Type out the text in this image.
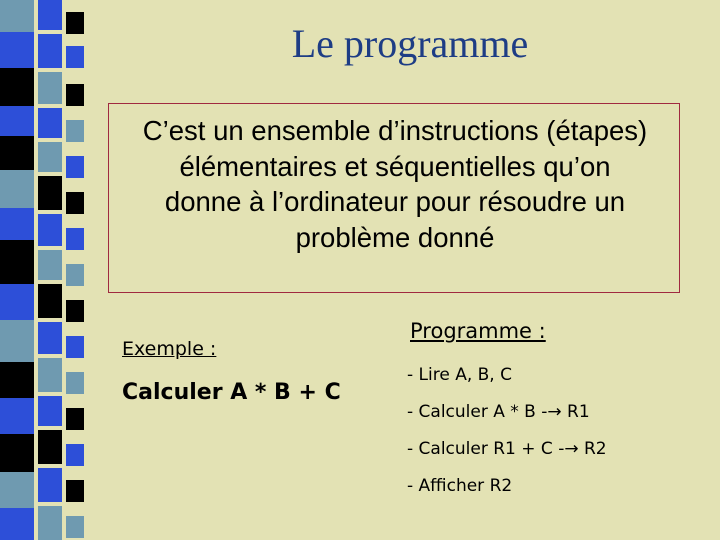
Le programme
C’est un ensemble d’instructions (étapes) élémentaires et séquentielles qu’on donne à l’ordinateur pour résoudre un problème donné
Exemple :
Calculer A * B + C
Programme :
- Lire A, B, C
- Calculer A * B -→ R1
- Calculer R1 + C -→ R2
- Afficher R2
